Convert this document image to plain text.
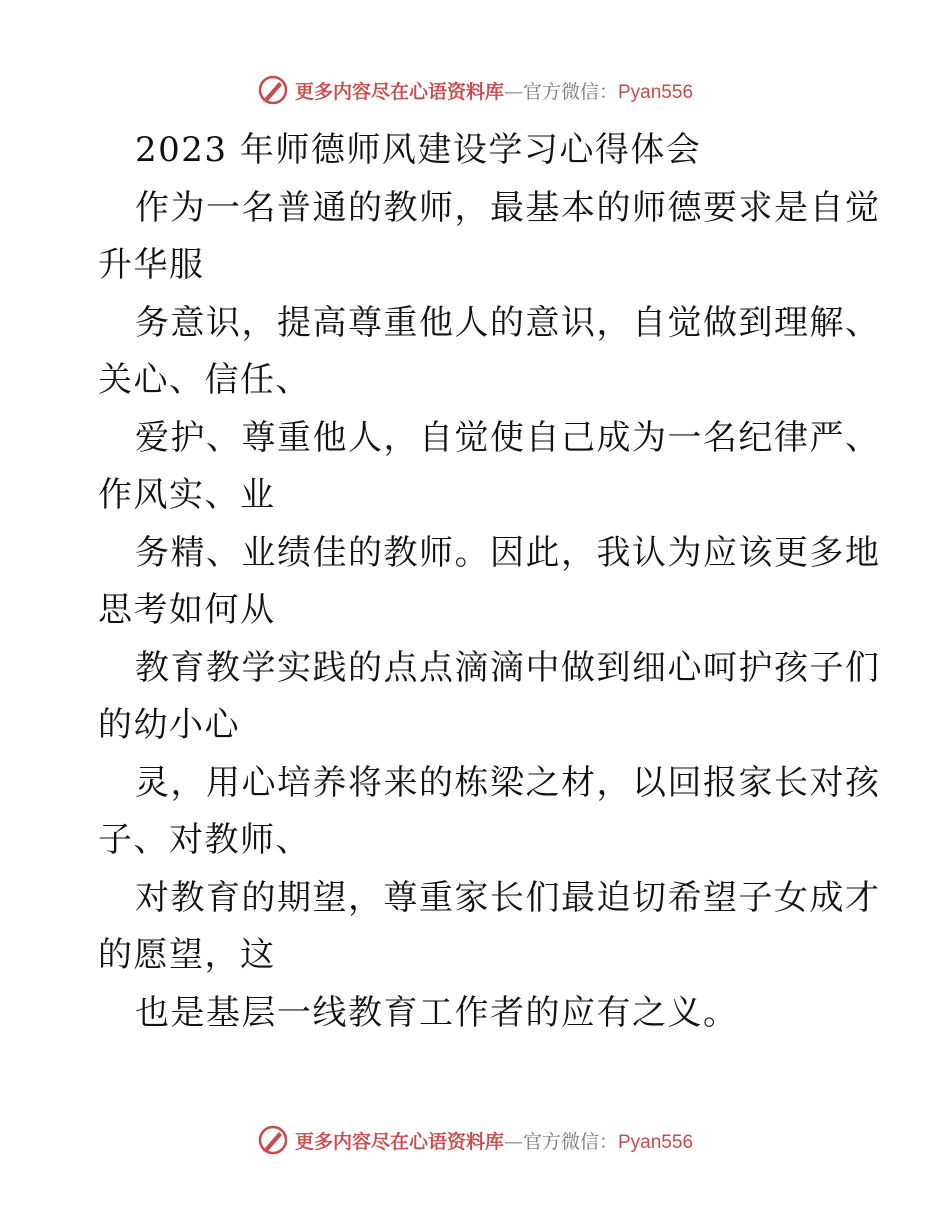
更多内容尽在心语资料库—官方微信：Pyan556
2023 年师德师风建设学习心得体会
作为一名普通的教师，最基本的师德要求是自觉
升华服
务意识，提高尊重他人的意识，自觉做到理解、
关心、信任、
爱护、尊重他人，自觉使自己成为一名纪律严、
作风实、业
务精、业绩佳的教师。因此，我认为应该更多地
思考如何从
教育教学实践的点点滴滴中做到细心呵护孩子们
的幼小心
灵，用心培养将来的栋梁之材，以回报家长对孩
子、对教师、
对教育的期望，尊重家长们最迫切希望子女成才
的愿望，这
也是基层一线教育工作者的应有之义。
更多内容尽在心语资料库—官方微信：Pyan556
